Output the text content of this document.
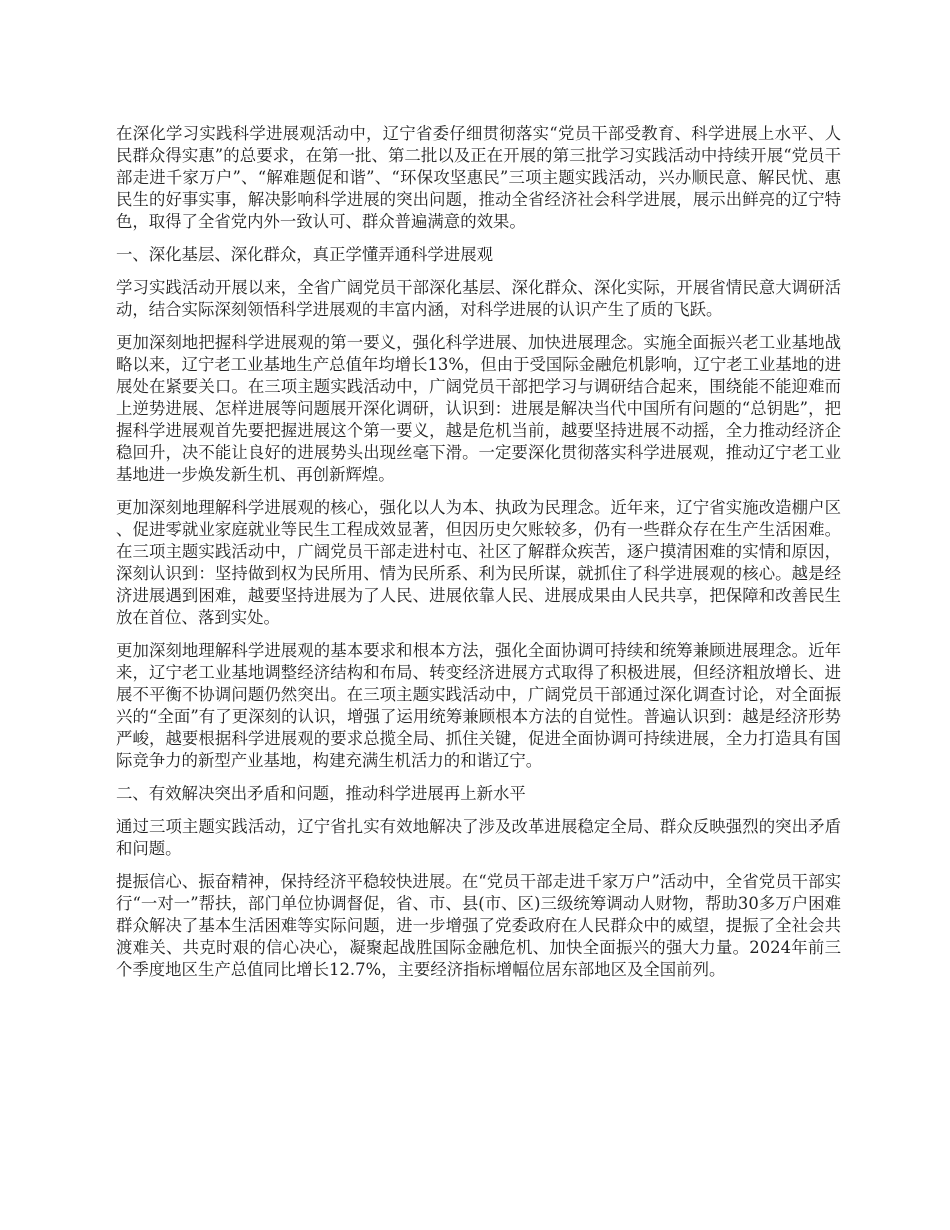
在深化学习实践科学进展观活动中，辽宁省委仔细贯彻落实“党员干部受教育、科学进展上水平、人民群众得实惠”的总要求，在第一批、第二批以及正在开展的第三批学习实践活动中持续开展“党员干部走进千家万户”、“解难题促和谐”、“环保攻坚惠民”三项主题实践活动，兴办顺民意、解民忧、惠民生的好事实事，解决影响科学进展的突出问题，推动全省经济社会科学进展，展示出鲜亮的辽宁特色，取得了全省党内外一致认可、群众普遍满意的效果。

一、深化基层、深化群众，真正学懂弄通科学进展观

学习实践活动开展以来，全省广阔党员干部深化基层、深化群众、深化实际，开展省情民意大调研活动，结合实际深刻领悟科学进展观的丰富内涵，对科学进展的认识产生了质的飞跃。

更加深刻地把握科学进展观的第一要义，强化科学进展、加快进展理念。实施全面振兴老工业基地战略以来，辽宁老工业基地生产总值年均增长13%，但由于受国际金融危机影响，辽宁老工业基地的进展处在紧要关口。在三项主题实践活动中，广阔党员干部把学习与调研结合起来，围绕能不能迎难而上逆势进展、怎样进展等问题展开深化调研，认识到：进展是解决当代中国所有问题的“总钥匙”，把握科学进展观首先要把握进展这个第一要义，越是危机当前，越要坚持进展不动摇，全力推动经济企稳回升，决不能让良好的进展势头出现丝毫下滑。一定要深化贯彻落实科学进展观，推动辽宁老工业基地进一步焕发新生机、再创新辉煌。

更加深刻地理解科学进展观的核心，强化以人为本、执政为民理念。近年来，辽宁省实施改造棚户区、促进零就业家庭就业等民生工程成效显著，但因历史欠账较多，仍有一些群众存在生产生活困难。在三项主题实践活动中，广阔党员干部走进村屯、社区了解群众疾苦，逐户摸清困难的实情和原因，深刻认识到：坚持做到权为民所用、情为民所系、利为民所谋，就抓住了科学进展观的核心。越是经济进展遇到困难，越要坚持进展为了人民、进展依靠人民、进展成果由人民共享，把保障和改善民生放在首位、落到实处。

更加深刻地理解科学进展观的基本要求和根本方法，强化全面协调可持续和统筹兼顾进展理念。近年来，辽宁老工业基地调整经济结构和布局、转变经济进展方式取得了积极进展，但经济粗放增长、进展不平衡不协调问题仍然突出。在三项主题实践活动中，广阔党员干部通过深化调查讨论，对全面振兴的“全面”有了更深刻的认识，增强了运用统筹兼顾根本方法的自觉性。普遍认识到：越是经济形势严峻，越要根据科学进展观的要求总揽全局、抓住关键，促进全面协调可持续进展，全力打造具有国际竞争力的新型产业基地，构建充满生机活力的和谐辽宁。

二、有效解决突出矛盾和问题，推动科学进展再上新水平

通过三项主题实践活动，辽宁省扎实有效地解决了涉及改革进展稳定全局、群众反映强烈的突出矛盾和问题。

提振信心、振奋精神，保持经济平稳较快进展。在“党员干部走进千家万户”活动中，全省党员干部实行“一对一”帮扶，部门单位协调督促，省、市、县(市、区)三级统筹调动人财物，帮助30多万户困难群众解决了基本生活困难等实际问题，进一步增强了党委政府在人民群众中的威望，提振了全社会共渡难关、共克时艰的信心决心，凝聚起战胜国际金融危机、加快全面振兴的强大力量。2024年前三个季度地区生产总值同比增长12.7%，主要经济指标增幅位居东部地区及全国前列。
